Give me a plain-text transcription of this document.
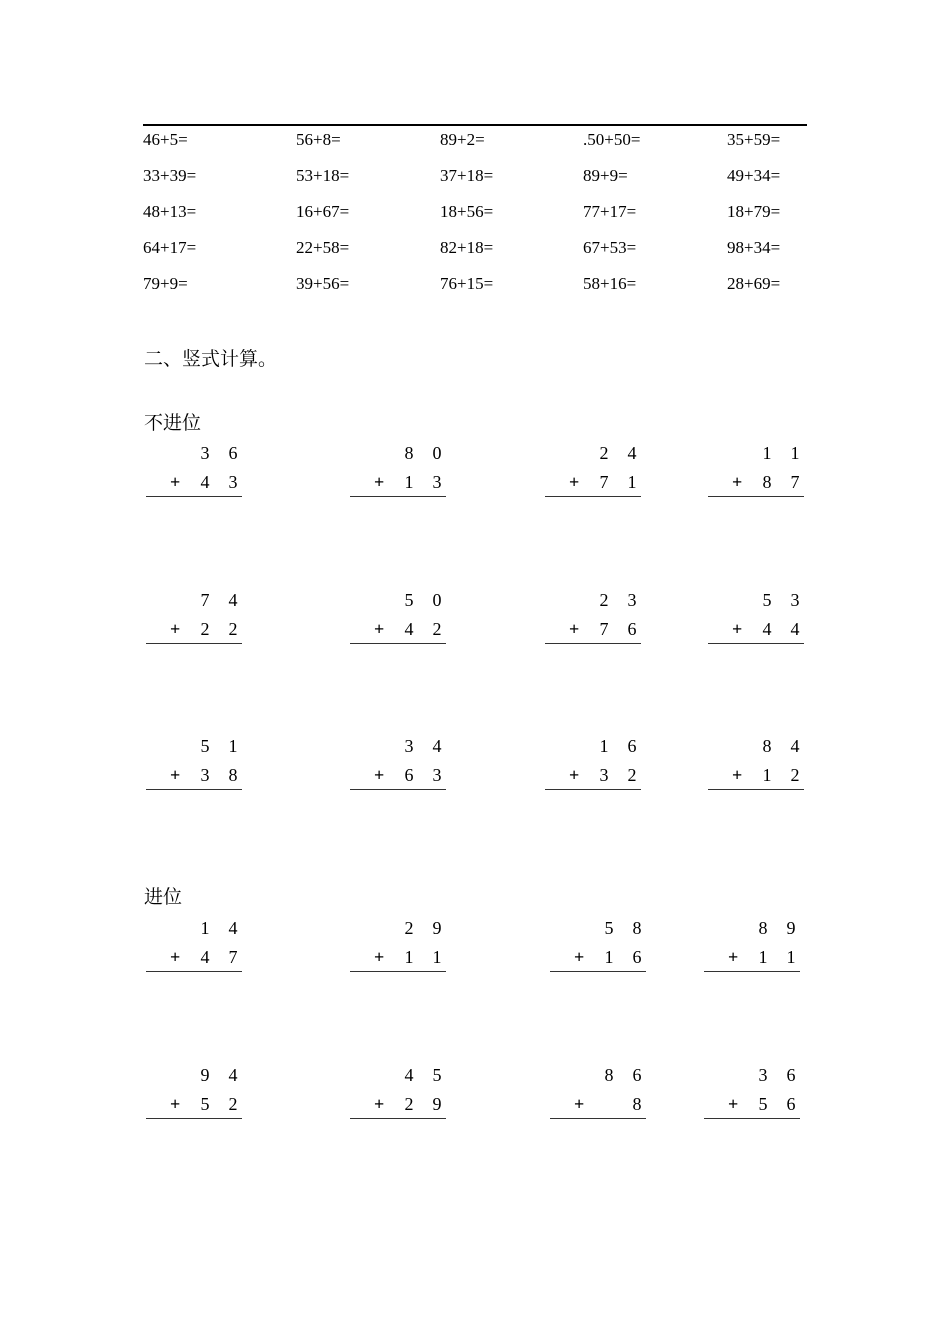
46+5=	56+8=	89+2=	.50+50=	35+59=
33+39=	53+18=	37+18=	89+9=	49+34=
48+13=	16+67=	18+56=	77+17=	18+79=
64+17=	22+58=	82+18=	67+53=	98+34=
79+9=	39+56=	76+15=	58+16=	28+69=
二、竖式计算。
不进位
3 6
+ 4 3
8 0
+ 1 3
2 4
+ 7 1
1 1
+ 8 7
7 4
+ 2 2
5 0
+ 4 2
2 3
+ 7 6
5 3
+ 4 4
5 1
+ 3 8
3 4
+ 6 3
1 6
+ 3 2
8 4
+ 1 2
进位
1 4
+ 4 7
2 9
+ 1 1
5 8
+ 1 6
8 9
+ 1 1
9 4
+ 5 2
4 5
+ 2 9
8 6
+	8
3 6
+ 5 6
